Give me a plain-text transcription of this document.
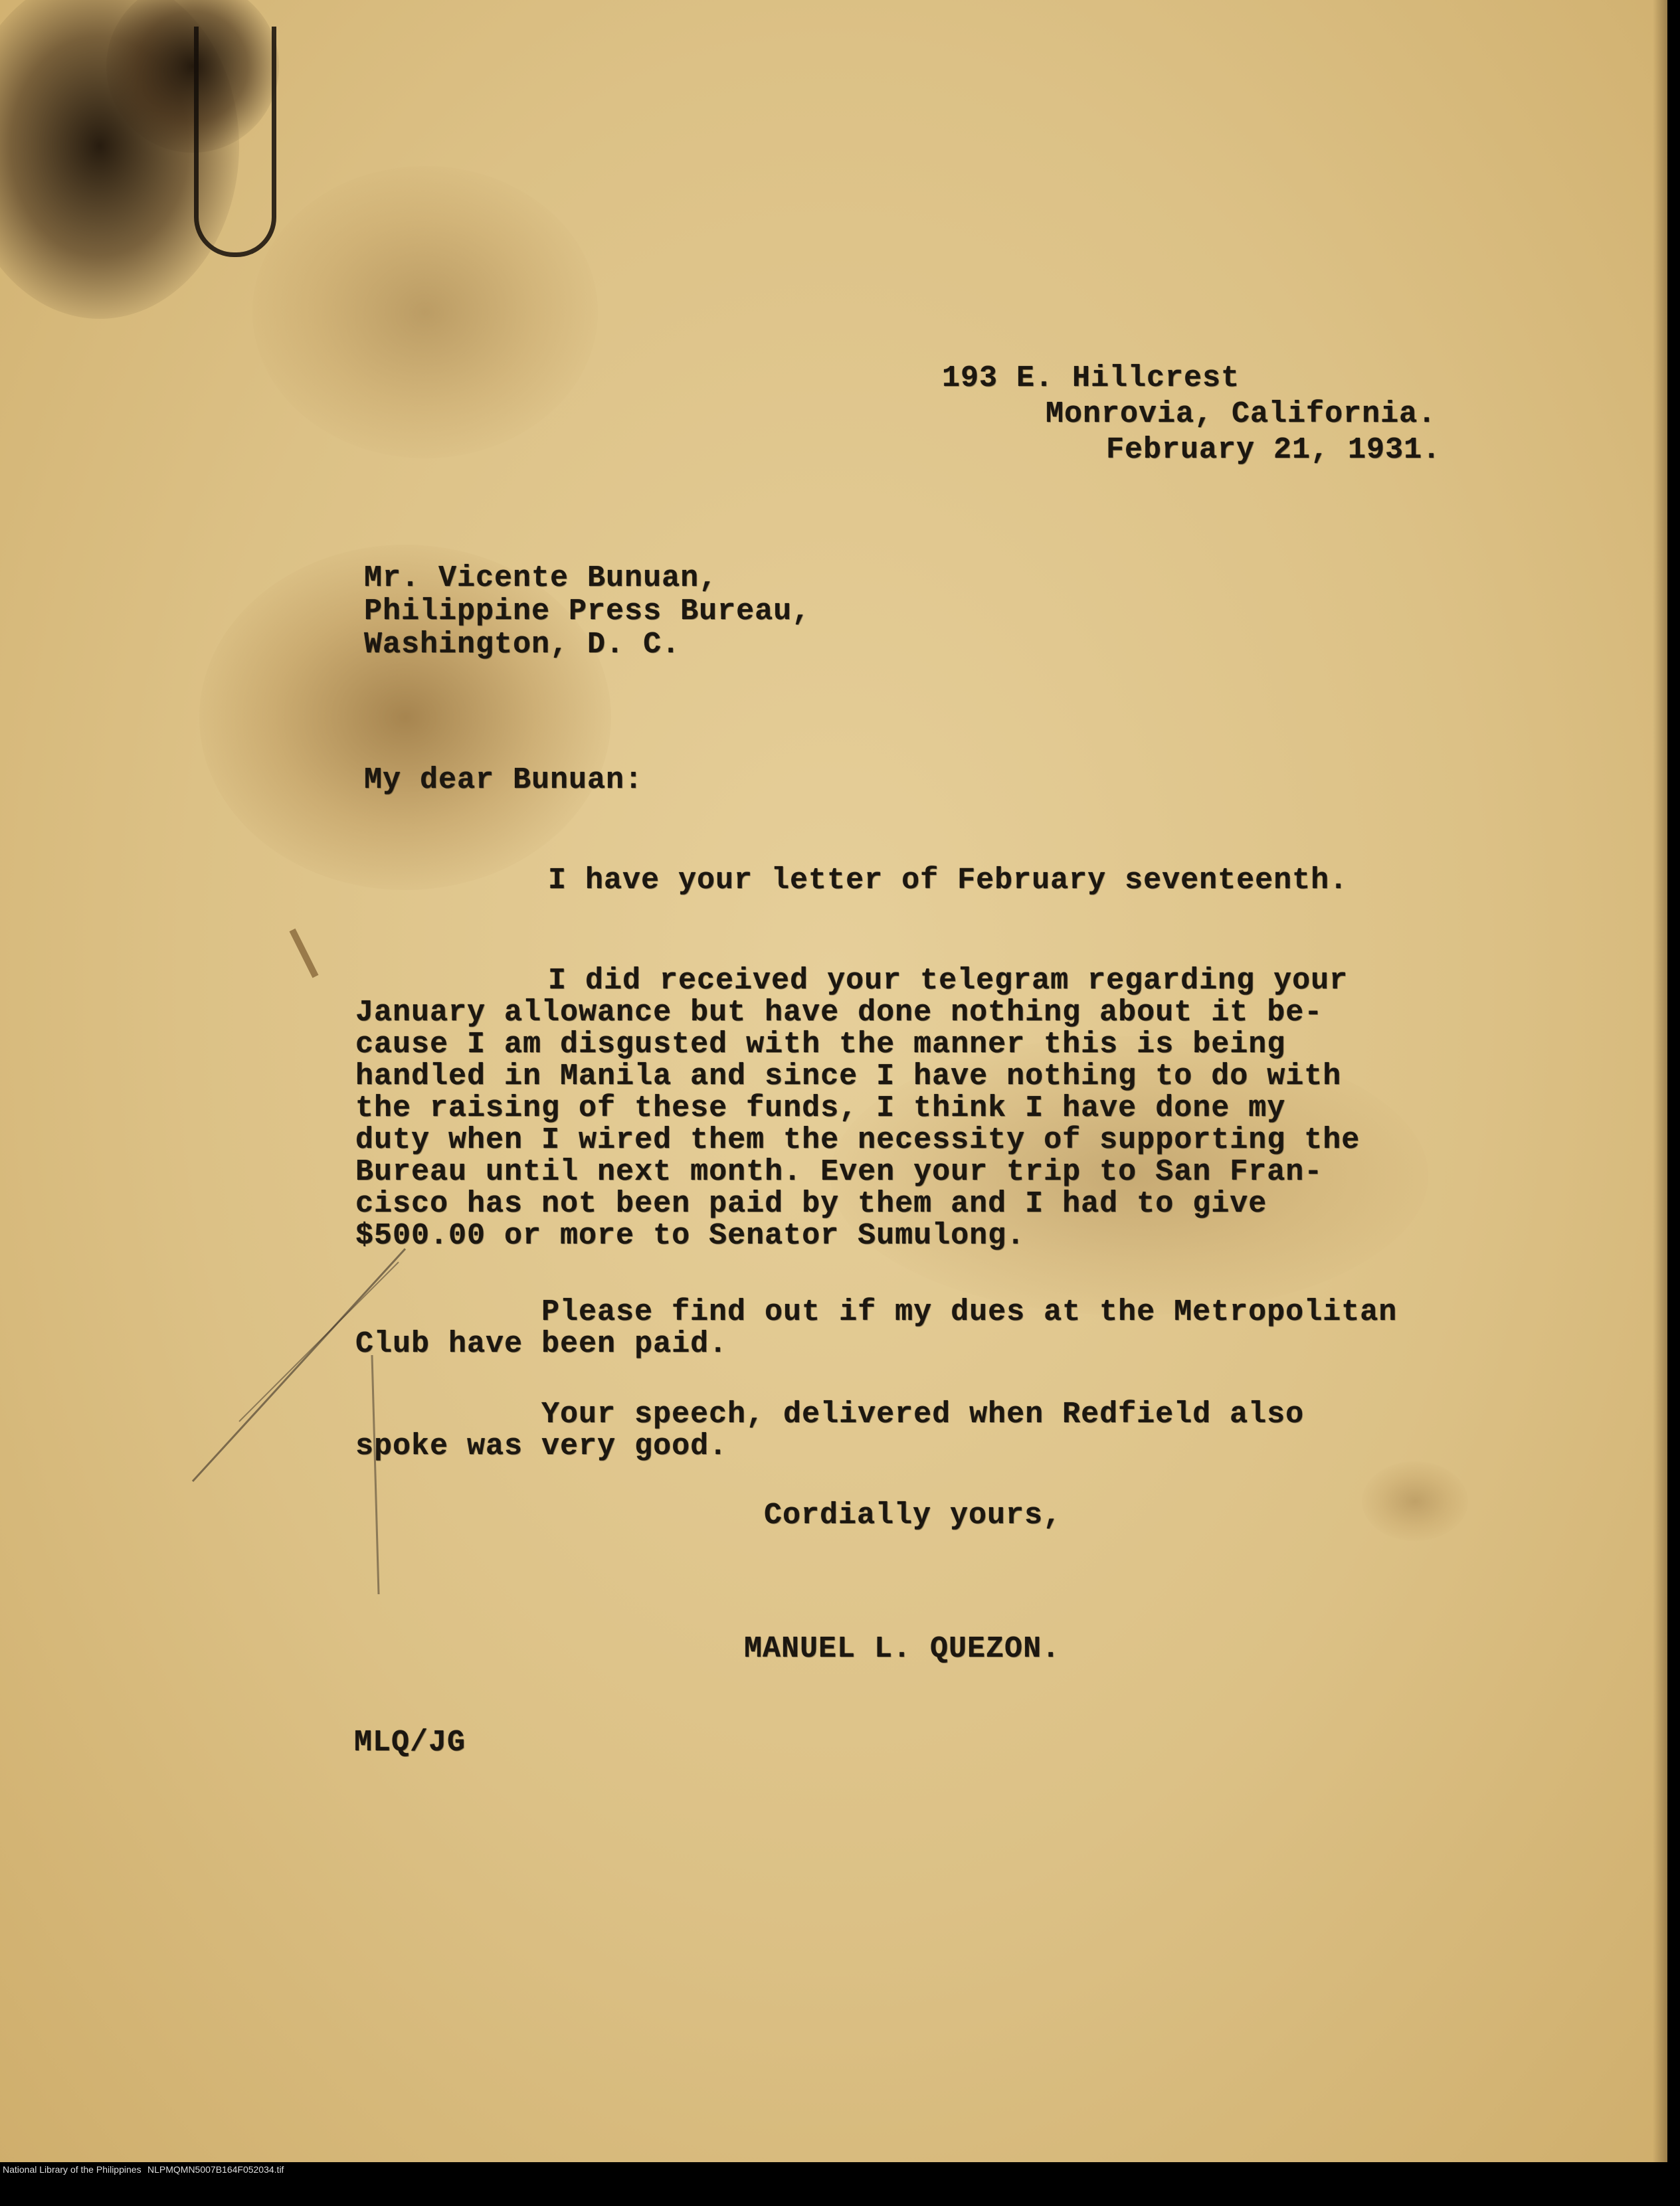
193 E. Hillcrest

Monrovia, California.

February 21, 1931.

Mr. Vicente Bunuan,

Philippine Press Bureau,

Washington, D. C.

My dear Bunuan:

I have your letter of February seventeenth.

I did received your telegram regarding your
January allowance but have done nothing about it be-
cause I am disgusted with the manner this is being
handled in Manila and since I have nothing to do with
the raising of these funds, I think I have done my
duty when I wired them the necessity of supporting the
Bureau until next month. Even your trip to San Fran-
cisco has not been paid by them and I had to give
$500.00 or more to Senator Sumulong.

Please find out if my dues at the Metropolitan
Club have been paid.

Your speech, delivered when Redfield also
spoke was very good.

Cordially yours,

MANUEL L. QUEZON.

MLQ/JG

National Library of the Philippines

NLPMQMN5007B164F052034.tif
